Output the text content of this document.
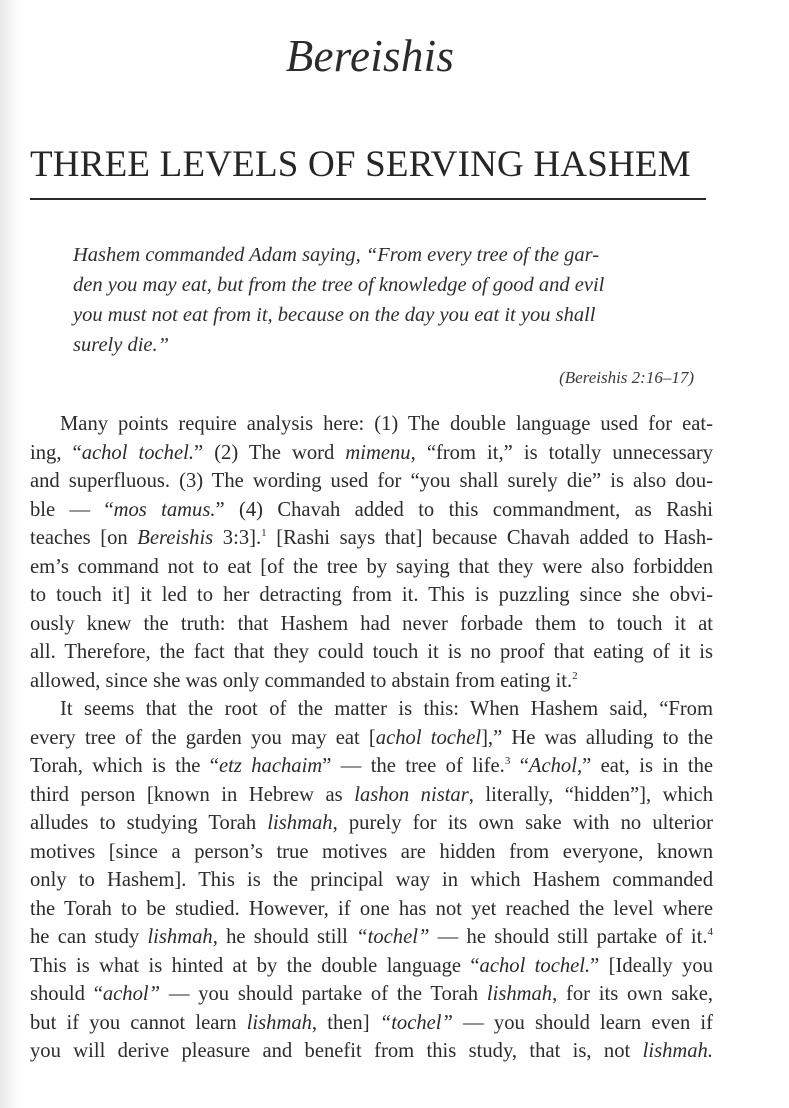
Bereishis
THREE LEVELS OF SERVING HASHEM
Hashem commanded Adam saying, “From every tree of the gar-
den you may eat, but from the tree of knowledge of good and evil
you must not eat from it, because on the day you eat it you shall
surely die.”
(Bereishis 2:16–17)
Many points require analysis here: (1) The double language used for eat-
ing, “achol tochel.” (2) The word mimenu, “from it,” is totally unnecessary
and superfluous. (3) The wording used for “you shall surely die” is also dou-
ble — “mos tamus.” (4) Chavah added to this commandment, as Rashi
teaches [on Bereishis 3:3].$^1$ [Rashi says that] because Chavah added to Hash-
em’s command not to eat [of the tree by saying that they were also forbidden
to touch it] it led to her detracting from it. This is puzzling since she obvi-
ously knew the truth: that Hashem had never forbade them to touch it at
all. Therefore, the fact that they could touch it is no proof that eating of it is
allowed, since she was only commanded to abstain from eating it.$^2$
It seems that the root of the matter is this: When Hashem said, “From
every tree of the garden you may eat [achol tochel],” He was alluding to the
Torah, which is the “etz hachaim” — the tree of life.$^3$ “Achol,” eat, is in the
third person [known in Hebrew as lashon nistar, literally, “hidden”], which
alludes to studying Torah lishmah, purely for its own sake with no ulterior
motives [since a person’s true motives are hidden from everyone, known
only to Hashem]. This is the principal way in which Hashem commanded
the Torah to be studied. However, if one has not yet reached the level where
he can study lishmah, he should still “tochel” — he should still partake of it.$^4$
This is what is hinted at by the double language “achol tochel.” [Ideally you
should “achol” — you should partake of the Torah lishmah, for its own sake,
but if you cannot learn lishmah, then] “tochel” — you should learn even if
you will derive pleasure and benefit from this study, that is, not lishmah.
